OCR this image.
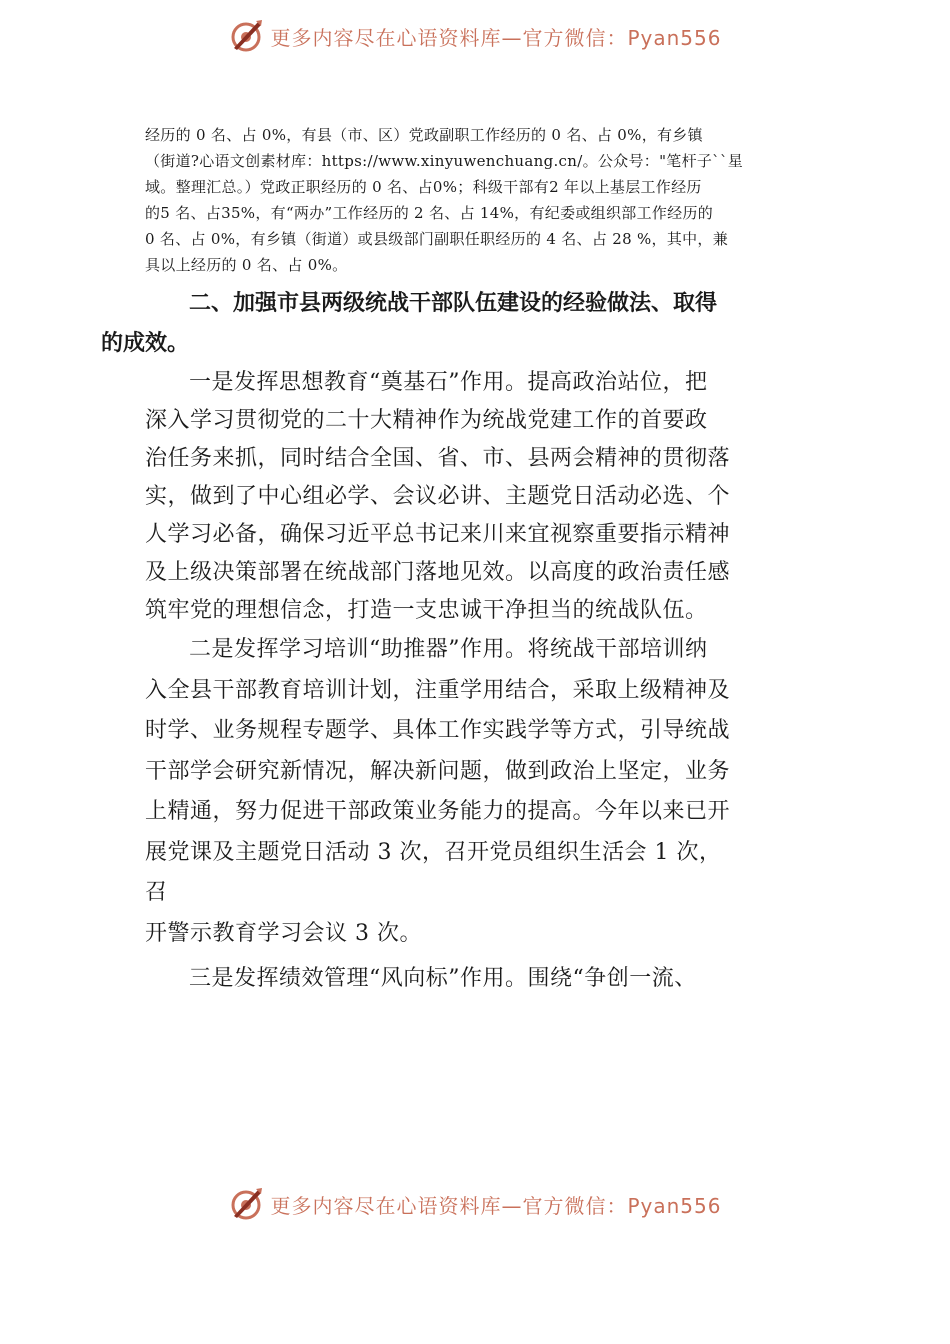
更多内容尽在心语资料库—官方微信：Pyan556

经历的 0 名、占 0%，有县（市、区）党政副职工作经历的 0 名、占 0%，有乡镇
（街道?心语文创素材库：https://www.xinyuwenchuang.cn/。公众号："笔杆子``星
域。整理汇总。）党政正职经历的 0 名、占0%；科级干部有2 年以上基层工作经历
的5 名、占35%，有“两办”工作经历的 2 名、占 14%，有纪委或组织部工作经历的
0 名、占 0%，有乡镇（街道）或县级部门副职任职经历的 4 名、占 28 %，其中，兼
具以上经历的 0 名、占 0%。

二、加强市县两级统战干部队伍建设的经验做法、取得
的成效。

一是发挥思想教育“奠基石”作用。提高政治站位，把
深入学习贯彻党的二十大精神作为统战党建工作的首要政
治任务来抓，同时结合全国、省、市、县两会精神的贯彻落
实，做到了中心组必学、会议必讲、主题党日活动必选、个
人学习必备，确保习近平总书记来川来宜视察重要指示精神
及上级决策部署在统战部门落地见效。以高度的政治责任感
筑牢党的理想信念，打造一支忠诚干净担当的统战队伍。

二是发挥学习培训“助推器”作用。将统战干部培训纳
入全县干部教育培训计划，注重学用结合，采取上级精神及
时学、业务规程专题学、具体工作实践学等方式，引导统战
干部学会研究新情况，解决新问题，做到政治上坚定，业务
上精通，努力促进干部政策业务能力的提高。今年以来已开
展党课及主题党日活动 3 次，召开党员组织生活会 1 次，
召
开警示教育学习会议 3 次。

三是发挥绩效管理“风向标”作用。围绕“争创一流、

更多内容尽在心语资料库—官方微信：Pyan556
